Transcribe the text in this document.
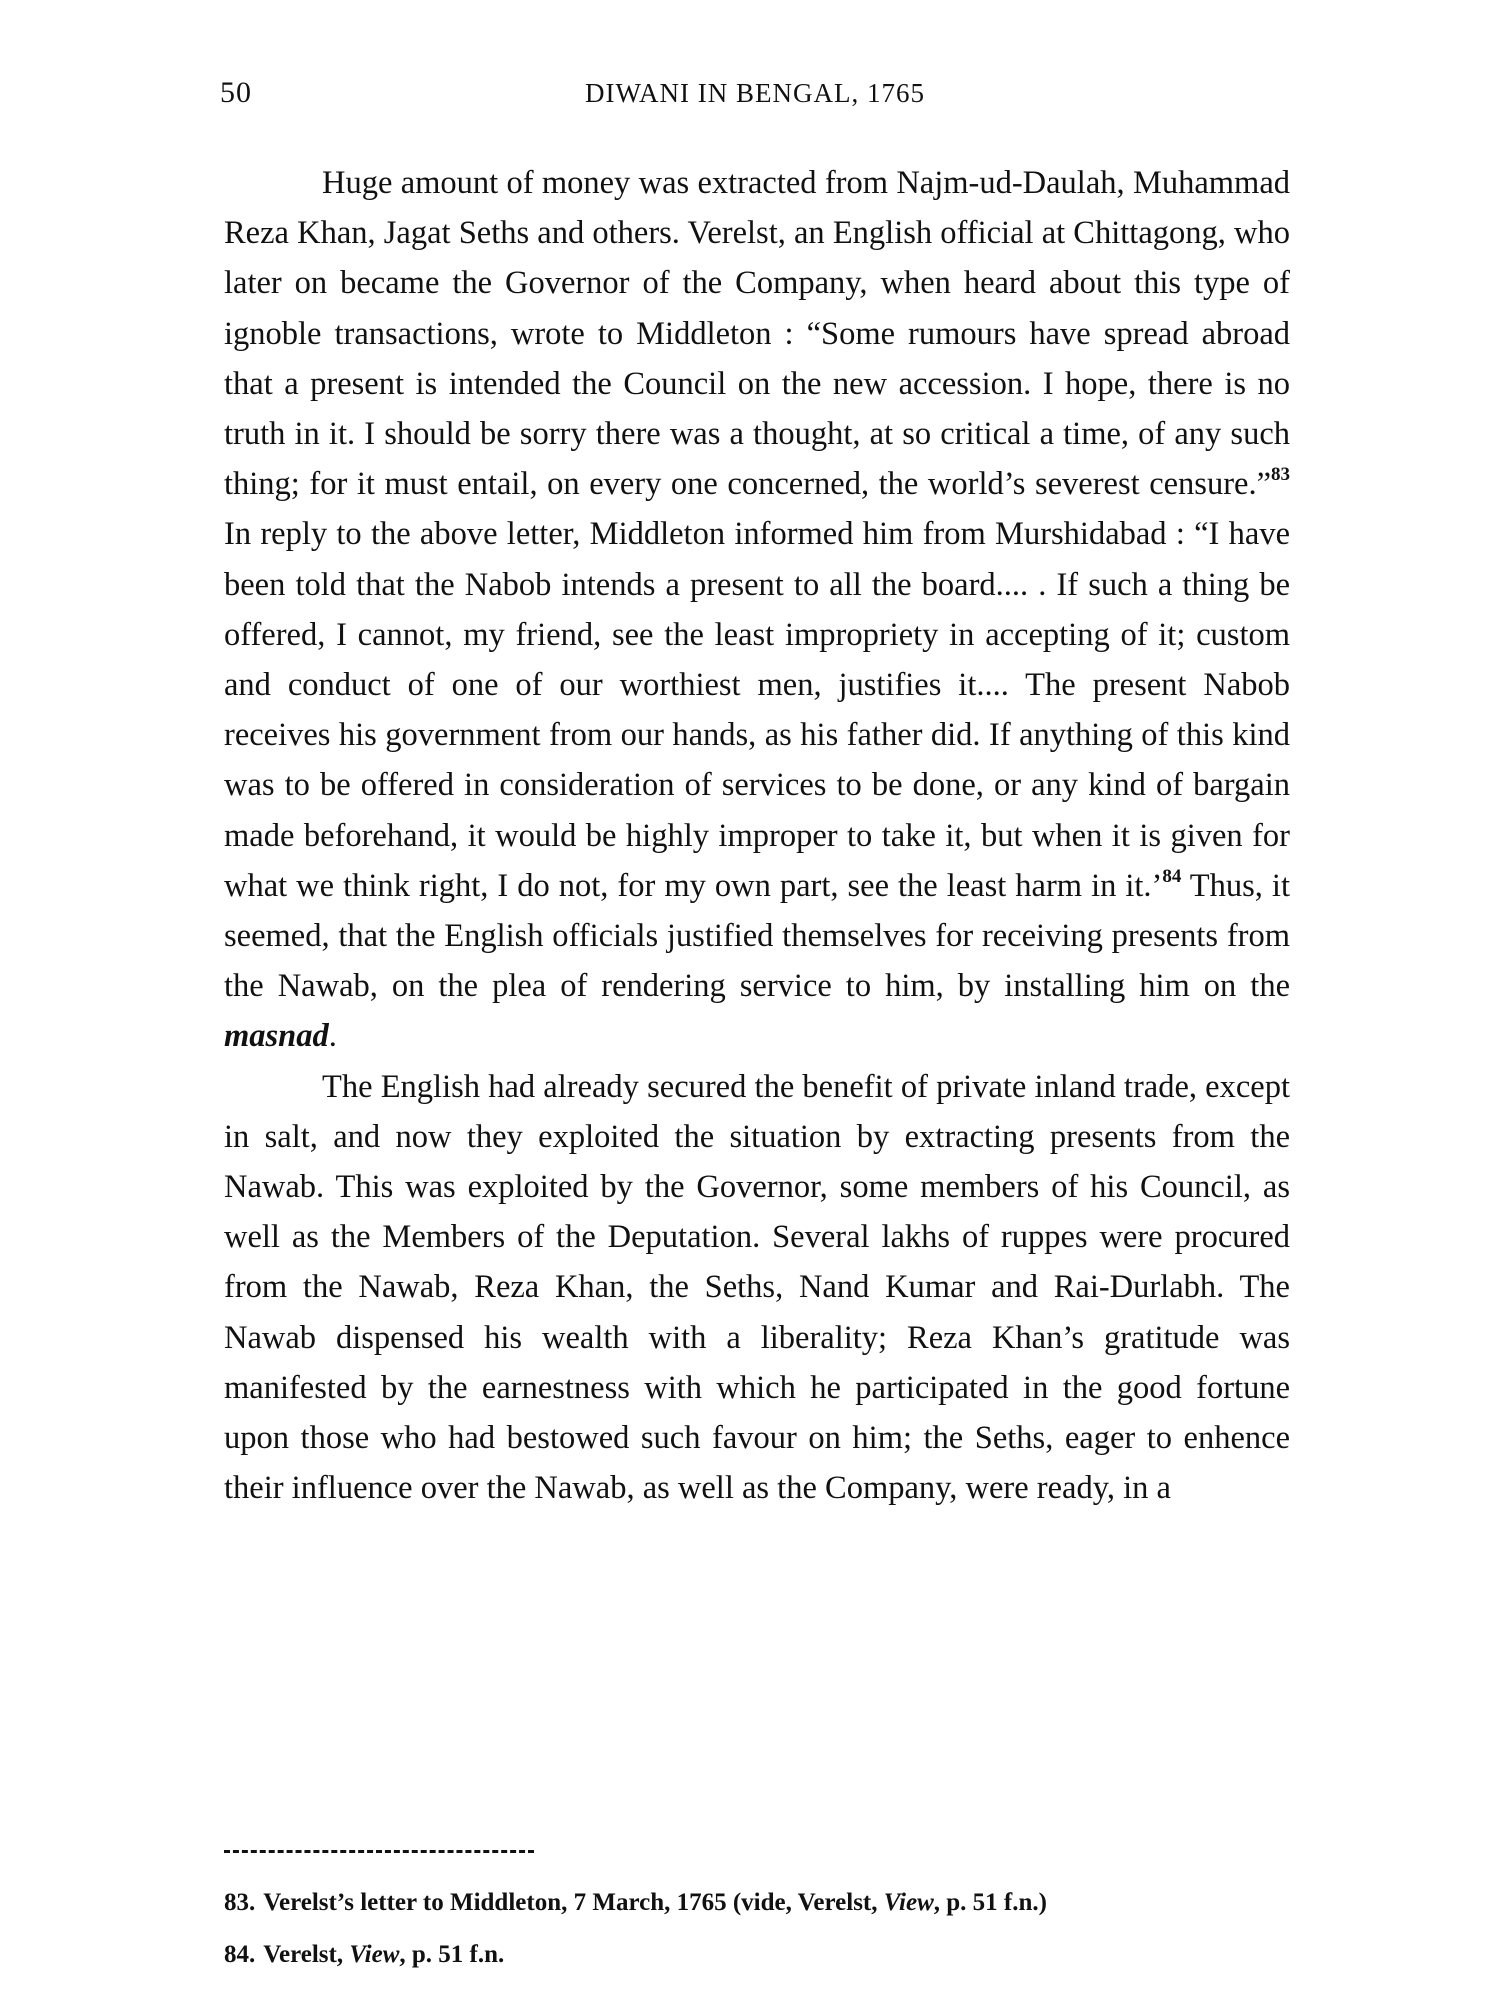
50	DIWANI IN BENGAL, 1765

Huge amount of money was extracted from Najm-ud-Daulah, Muhammad Reza Khan, Jagat Seths and others. Verelst, an English official at Chittagong, who later on became the Governor of the Company, when heard about this type of ignoble transactions, wrote to Middleton : “Some rumours have spread abroad that a present is intended the Council on the new accession. I hope, there is no truth in it. I should be sorry there was a thought, at so critical a time, of any such thing; for it must entail, on every one concerned, the world’s severest censure.”$^{83}$ In reply to the above letter, Middleton informed him from Murshidabad : “I have been told that the Nabob intends a present to all the board.... . If such a thing be offered, I cannot, my friend, see the least impropriety in accepting of it; custom and conduct of one of our worthiest men, justifies it.... The present Nabob receives his government from our hands, as his father did. If anything of this kind was to be offered in consideration of services to be done, or any kind of bargain made beforehand, it would be highly improper to take it, but when it is given for what we think right, I do not, for my own part, see the least harm in it.’$^{84}$ Thus, it seemed, that the English officials justified themselves for receiving presents from the Nawab, on the plea of rendering service to him, by installing him on the masnad.

The English had already secured the benefit of private inland trade, except in salt, and now they exploited the situation by extracting presents from the Nawab. This was exploited by the Governor, some members of his Council, as well as the Members of the Deputation. Several lakhs of ruppes were procured from the Nawab, Reza Khan, the Seths, Nand Kumar and Rai-Durlabh. The Nawab dispensed his wealth with a liberality; Reza Khan’s gratitude was manifested by the earnestness with which he participated in the good fortune upon those who had bestowed such favour on him; the Seths, eager to enhence their influence over the Nawab, as well as the Company, were ready, in a

83. Verelst’s letter to Middleton, 7 March, 1765 (vide, Verelst, View, p. 51 f.n.)
84. Verelst, View, p. 51 f.n.
